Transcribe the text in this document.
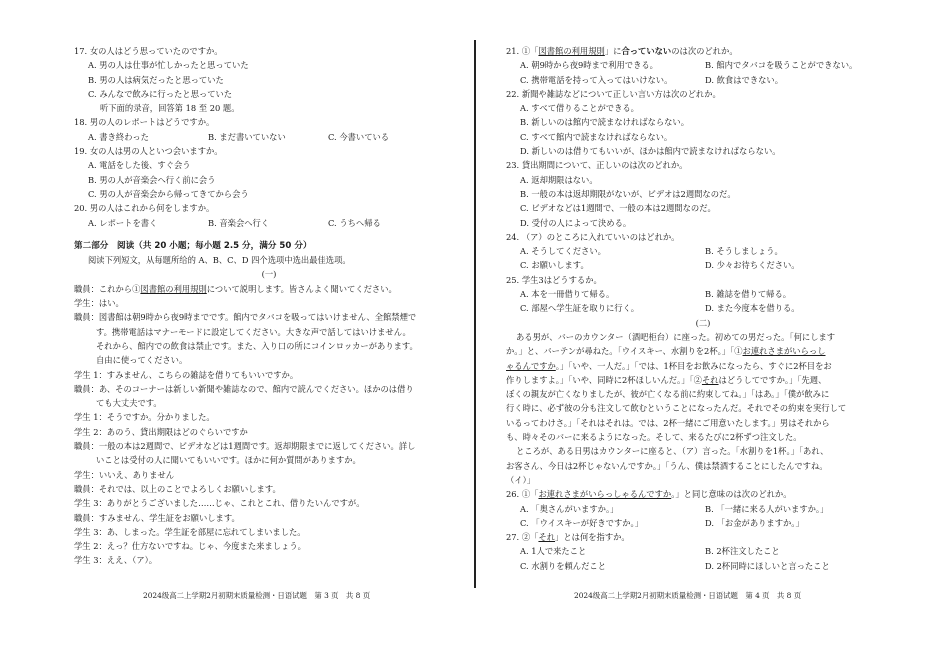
17. 女の人はどう思っていたのですか。
A. 男の人は仕事が忙しかったと思っていた
B. 男の人は病気だったと思っていた
C. みんなで飲みに行ったと思っていた
听下面的录音，回答第 18 至 20 题。
18. 男の人のレポートはどうですか。
A. 書き終わった	B. まだ書いていない	C. 今書いている
19. 女の人は男の人といつ会いますか。
A. 電話をした後、すぐ会う
B. 男の人が音楽会へ行く前に会う
C. 男の人が音楽会から帰ってきてから会う
20. 男の人はこれから何をしますか。
A. レポートを書く	B. 音楽会へ行く	C. うちへ帰る
第二部分　阅读（共 20 小题；每小题 2.5 分，满分 50 分）
阅读下列短文，从每题所给的 A、B、C、D 四个选项中选出最佳选项。
(一)
職員：これから①図書館の利用規則について説明します。皆さんよく聞いてください。
学生：はい。
職員：図書館は朝9時から夜9時までです。館内でタバコを吸ってはいけません、全館禁煙で
す。携帯電話はマナーモードに設定してください。大きな声で話してはいけません。
それから、館内での飲食は禁止です。また、入り口の所にコインロッカーがあります。
自由に使ってください。
学生 1：すみません、こちらの雑誌を借りてもいいですか。
職員：あ、そのコーナーは新しい新聞や雑誌なので、館内で読んでください。ほかのは借り
ても大丈夫です。
学生 1：そうですか。分かりました。
学生 2：あのう、貸出期限はどのぐらいですか
職員：一般の本は2週間で、ビデオなどは1週間です。返却期限までに返してください。詳し
いことは受付の人に聞いてもいいです。ほかに何か質問がありますか。
学生：いいえ、ありません
職員：それでは、以上のことでよろしくお願いします。
学生 3：ありがとうございました……じゃ、これとこれ、借りたいんですが。
職員：すみません、学生証をお願いします。
学生 3：あ、しまった。学生証を部屋に忘れてしまいました。
学生 2：えっ？仕方ないですね。じゃ、今度また来ましょう。
学生 3：ええ、（ア）。
21. ①「図書館の利用規則」に合っていないのは次のどれか。
A. 朝9時から夜9時まで利用できる。	B. 館内でタバコを吸うことができない。
C. 携帯電話を持って入ってはいけない。	D. 飲食はできない。
22. 新聞や雑誌などについて正しい言い方は次のどれか。
A. すべて借りることができる。
B. 新しいのは館内で読まなければならない。
C. すべて館内で読まなければならない。
D. 新しいのは借りてもいいが、ほかは館内で読まなければならない。
23. 貸出期間について、正しいのは次のどれか。
A. 返却期限はない。
B. 一般の本は返却期限がないが、ビデオは2週間なのだ。
C. ビデオなどは1週間で、一般の本は2週間なのだ。
D. 受付の人によって決める。
24. （ア）のところに入れていいのはどれか。
A. そうしてください。	B. そうしましょう。
C. お願いします。	D. 少々お待ちください。
25. 学生3はどうするか。
A. 本を一冊借りて帰る。	B. 雑誌を借りて帰る。
C. 部屋へ学生証を取りに行く。	D. また今度本を借りる。
(二)
ある男が、バーのカウンター（酒吧柜台）に座った。初めての男だった。「何にします
か。」と、バーテンが尋ねた。「ウイスキー、水割りを2杯。」「①お連れさまがいらっし
ゃるんですか。」「いや、一人だ。」「では、1杯目をお飲みになったら、すぐに2杯目をお
作りしますよ。」「いや、同時に2杯ほしいんだ。」「②それはどうしてですか。」「先週、
ぼくの親友が亡くなりましたが、彼が亡くなる前に約束してね。」「はあ。」「僕が飲みに
行く時に、必ず彼の分も注文して飲むということになったんだ。それでその約束を実行して
いるってわけさ。」「それはそれは。では、2杯一緒にご用意いたします。」男はそれから
も、時々そのバーに来るようになった。そして、来るたびに2杯ずつ注文した。
ところが、ある日男はカウンターに座ると、（ア）言った。「水割りを1杯。」「あれ、
お客さん、今日は2杯じゃないんですか。」「うん、僕は禁酒することにしたんですね。
（イ）」
26. ①「お連れさまがいらっしゃるんですか。」と同じ意味のは次のどれか。
A. 「奥さんがいますか。」	B. 「一緒に来る人がいますか。」
C. 「ウイスキーが好きですか。」	D. 「お金がありますか。」
27. ②「それ」とは何を指すか。
A. 1人で来たこと	B. 2杯注文したこと
C. 水割りを頼んだこと	D. 2杯同時にほしいと言ったこと
2024级高二上学期2月初期末质量检测・日语试题　第 3 页　共 8 页	2024级高二上学期2月初期末质量检测・日语试题　第 4 页　共 8 页
